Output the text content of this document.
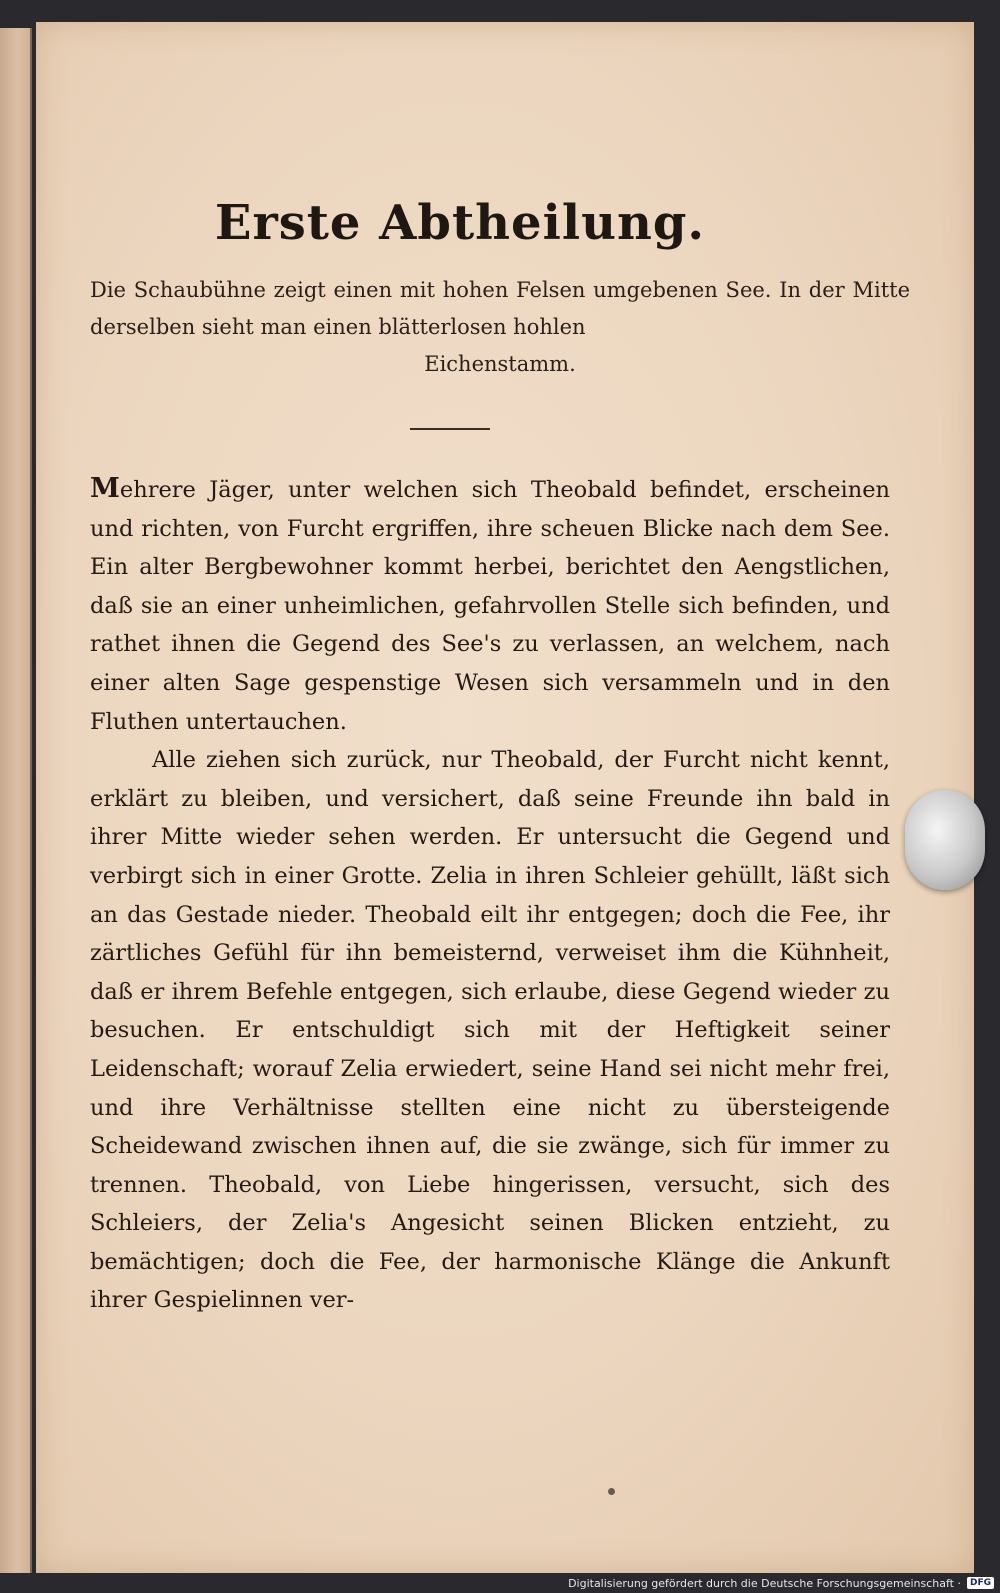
Erste Abtheilung.
Die Schaubühne zeigt einen mit hohen Felsen umgebenen See. In der Mitte derselben sieht man einen blätterlosen hohlen
Eichenstamm.

Mehrere Jäger, unter welchen sich Theobald befindet, erscheinen und richten, von Furcht ergriffen, ihre scheuen Blicke nach dem See. Ein alter Bergbewohner kommt herbei, berichtet den Aengstlichen, daß sie an einer unheimlichen, gefahrvollen Stelle sich befinden, und rathet ihnen die Gegend des See's zu verlassen, an welchem, nach einer alten Sage gespenstige Wesen sich versammeln und in den Fluthen untertauchen.

Alle ziehen sich zurück, nur Theobald, der Furcht nicht kennt, erklärt zu bleiben, und versichert, daß seine Freunde ihn bald in ihrer Mitte wieder sehen werden. Er untersucht die Gegend und verbirgt sich in einer Grotte. Zelia in ihren Schleier gehüllt, läßt sich an das Gestade nieder. Theobald eilt ihr entgegen; doch die Fee, ihr zärtliches Gefühl für ihn bemeisternd, verweiset ihm die Kühnheit, daß er ihrem Befehle entgegen, sich erlaube, diese Gegend wieder zu besuchen. Er entschuldigt sich mit der Heftigkeit seiner Leidenschaft; worauf Zelia erwiedert, seine Hand sei nicht mehr frei, und ihre Verhältnisse stellten eine nicht zu übersteigende Scheidewand zwischen ihnen auf, die sie zwänge, sich für immer zu trennen. Theobald, von Liebe hingerissen, versucht, sich des Schleiers, der Zelia's Angesicht seinen Blicken entzieht, zu bemächtigen; doch die Fee, der harmonische Klänge die Ankunft ihrer Gespielinnen ver-

Digitalisierung gefördert durch die Deutsche Forschungsgemeinschaft ·	DFG
